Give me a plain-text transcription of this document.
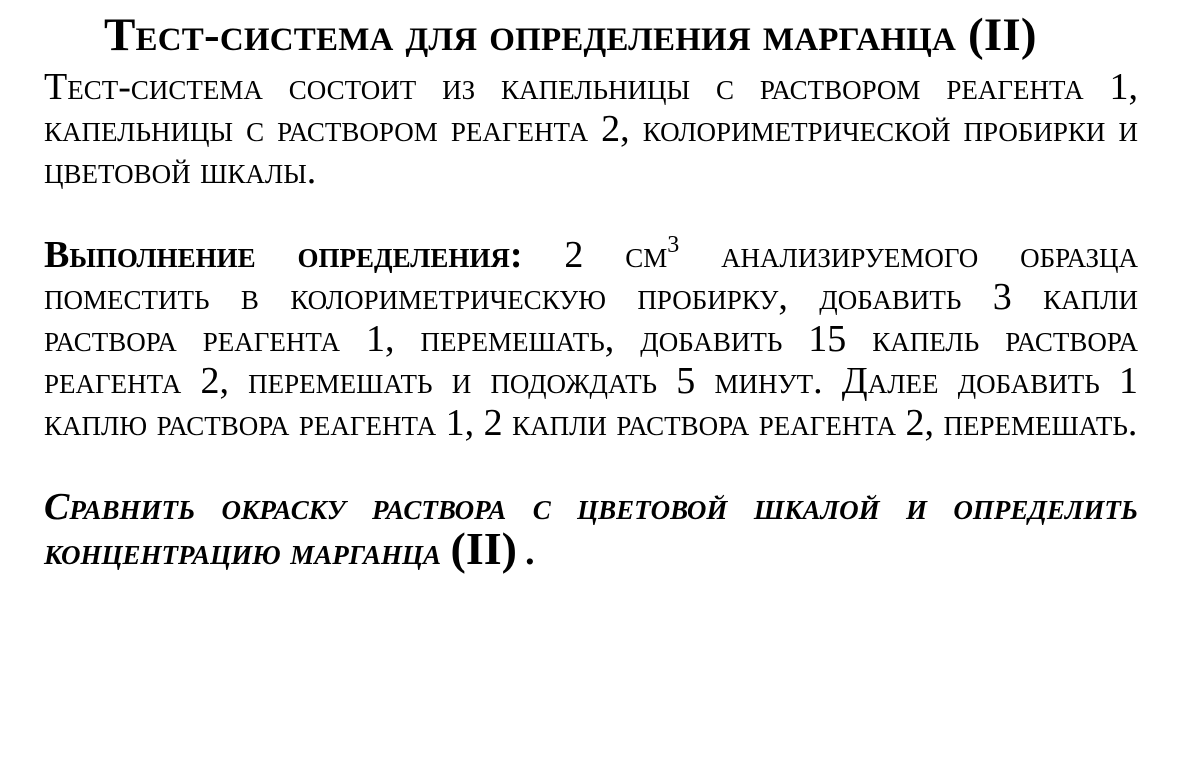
Тест-система для определения марганца (II)

Тест-система состоит из капельницы с раствором реагента 1, капельницы с раствором реагента 2, колориметрической пробирки и цветовой шкалы.

Выполнение определения: 2 $см^3$ анализируемого образца поместить в колориметрическую пробирку, добавить 3 капли раствора реагента 1, перемешать, добавить 15 капель раствора реагента 2, перемешать и подождать 5 минут. Далее добавить 1 каплю раствора реагента 1, 2 капли раствора реагента 2, перемешать.

Сравнить окраску раствора с цветовой шкалой и определить концентрацию марганца (II) .
